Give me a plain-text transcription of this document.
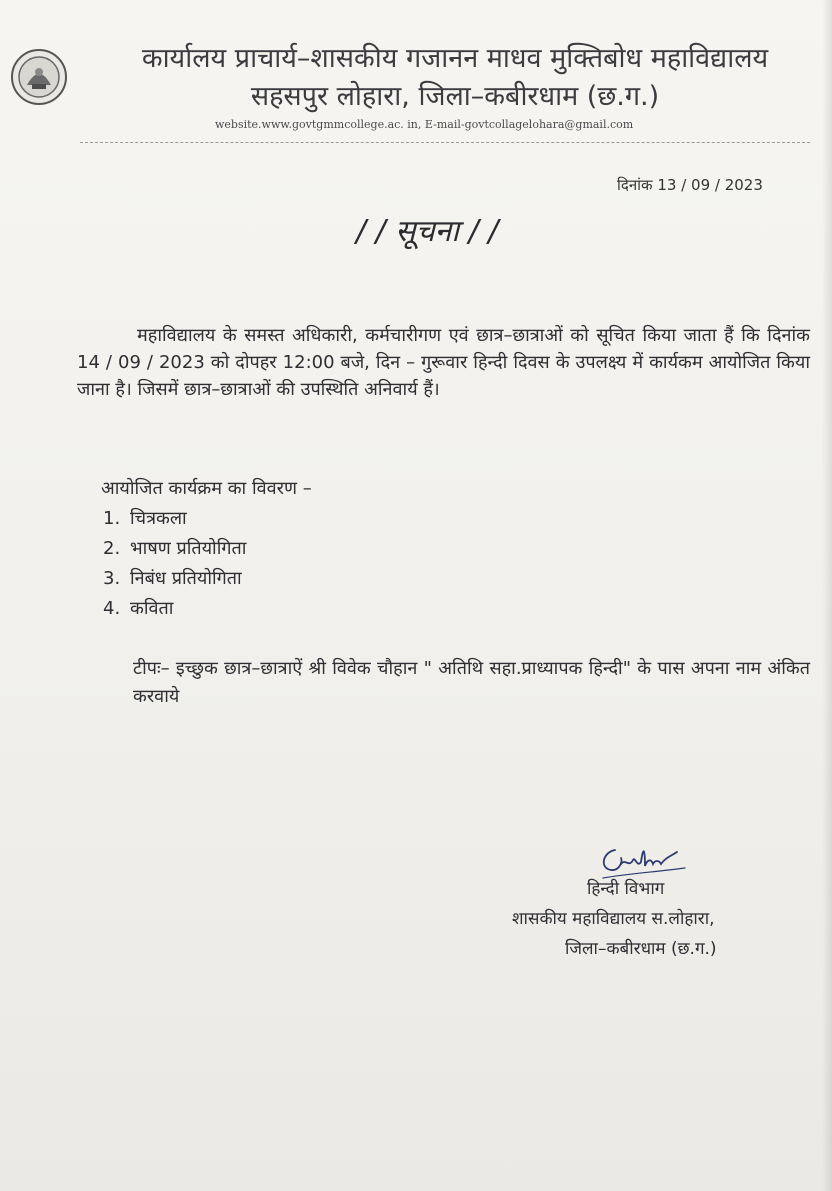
कार्यालय प्राचार्य–शासकीय गजानन माधव मुक्तिबोध महाविद्यालय
सहसपुर लोहारा, जिला–कबीरधाम (छ.ग.)
website.www.govtgmmcollege.ac. in, E-mail-govtcollagelohara@gmail.com
दिनांक 13 / 09 / 2023
/ / सूचना / /
महाविद्यालय के समस्त अधिकारी, कर्मचारीगण एवं छात्र–छात्राओं को सूचित किया जाता हैं कि दिनांक 14 / 09 / 2023 को दोपहर 12:00 बजे, दिन – गुरूवार हिन्दी दिवस के उपलक्ष्य में कार्यकम आयोजित किया जाना है। जिसमें छात्र–छात्राओं की उपस्थिति अनिवार्य हैं।
आयोजित कार्यक्रम का विवरण –
1. चित्रकला
2. भाषण प्रतियोगिता
3. निबंध प्रतियोगिता
4. कविता
टीपः– इच्छुक छात्र–छात्राऐं श्री विवेक चौहान " अतिथि सहा.प्राध्यापक हिन्दी" के पास अपना नाम अंकित करवाये
हिन्दी विभाग
शासकीय महाविद्यालय स.लोहारा,
जिला–कबीरधाम (छ.ग.)
